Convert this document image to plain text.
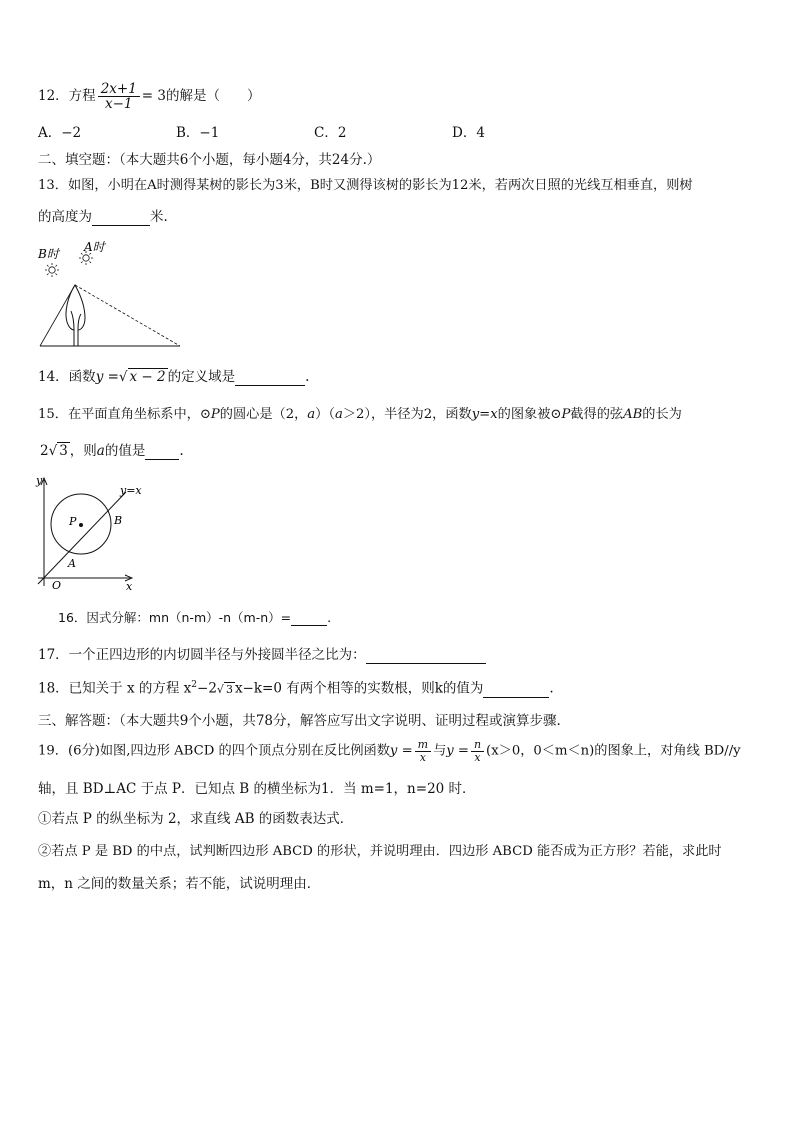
12．方程 $\frac{2x+1}{x-1} = 3$的解是（　　）
A．−2	B．−1	C．2	D．4
二、填空题：（本大题共6个小题，每小题4分，共24分.）
13．如图，小明在A时测得某树的影长为3米，B时又测得该树的影长为12米，若两次日照的光线互相垂直，则树
的高度为	米.
B时 A时
14．函数y =√ x − 2 的定义域是	.
15．在平面直角坐标系中，⊙P的圆心是（2，a）（a＞2），半径为2，函数y=x的图象被⊙P截得的弦AB的长为
2√ 3 ，则a的值是	.
y
x
O
P
A
B
y=x
16．因式分解：mn（n-m）-n（m-n）=	.
17．一个正四边形的内切圆半径与外接圆半径之比为：
18．已知关于 x 的方程 $x^2-2√$ 3 x−k=0 有两个相等的实数根，则k的值为	.
三、解答题：（本大题共9个小题，共78分，解答应写出文字说明、证明过程或演算步骤.
19．(6分)如图,四边形 ABCD 的四个顶点分别在反比例函数$y = \frac{m}{x}$ 与$y = \frac{n}{x} (x>0$，0＜m＜n)的图象上，对角线 BD//y
轴，且 BD⊥AC 于点 P．已知点 B 的横坐标为1．当 m=1，n=20 时．
①若点 P 的纵坐标为 2，求直线 AB 的函数表达式．
②若点 P 是 BD 的中点，试判断四边形 ABCD 的形状，并说明理由．四边形 ABCD 能否成为正方形？若能，求此时
m，n 之间的数量关系；若不能，试说明理由．
